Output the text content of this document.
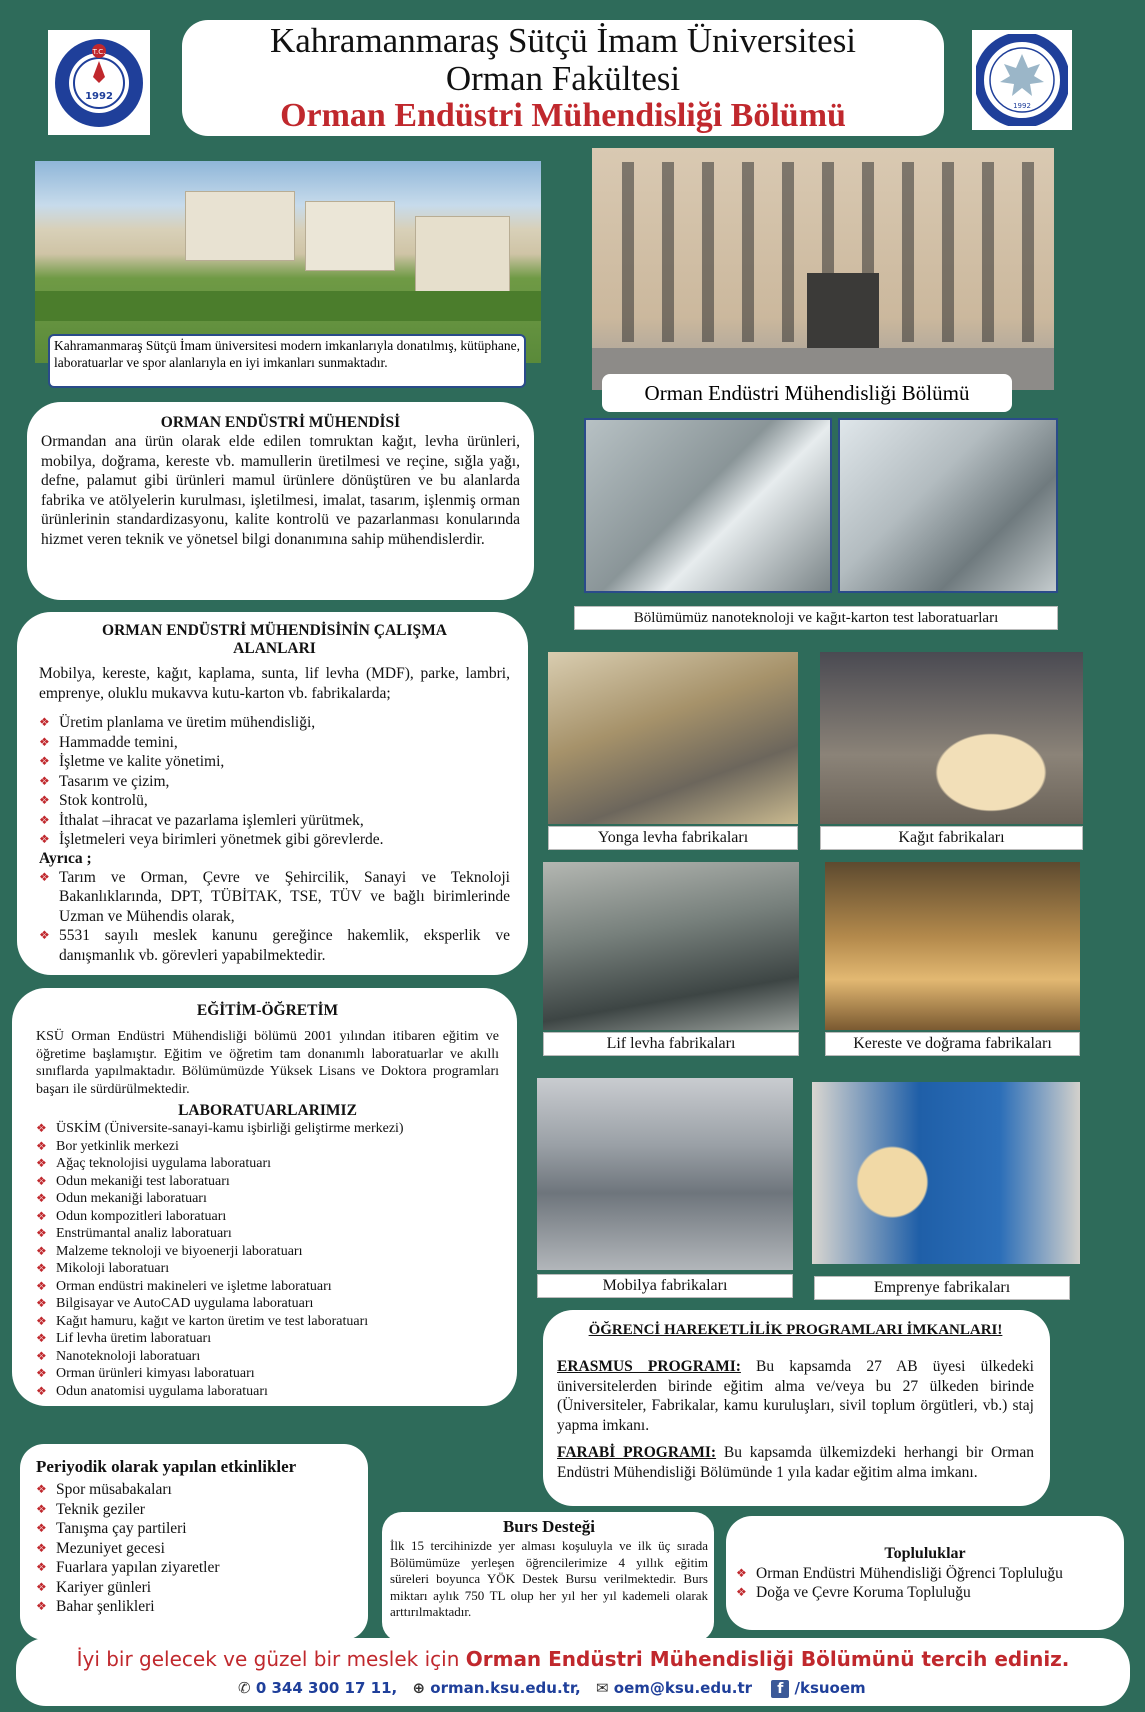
T.C.
1992
Kahramanmaraş Sütçü İmam Üniversitesi
Orman Fakültesi
Orman Endüstri Mühendisliği Bölümü	1992
Kahramanmaraş Sütçü İmam üniversitesi modern imkanlarıyla donatılmış, kütüphane, laboratuarlar ve spor alanlarıyla en iyi imkanları sunmaktadır.
Orman Endüstri Mühendisliği Bölümü
ORMAN ENDÜSTRİ MÜHENDİSİ

Ormandan ana ürün olarak elde edilen tomruktan kağıt, levha ürünleri, mobilya, doğrama, kereste vb. mamullerin üretilmesi ve reçine, sığla yağı, defne, palamut gibi ürünleri mamul ürünlere dönüştüren ve bu alanlarda fabrika ve atölyelerin kurulması, işletilmesi, imalat, tasarım, işlenmiş orman ürünlerinin standardizasyonu, kalite kontrolü ve pazarlanması konularında hizmet veren teknik ve yönetsel bilgi donanımına sahip mühendislerdir.

Bölümümüz nanoteknoloji ve kağıt-karton test laboratuarları
ORMAN ENDÜSTRİ MÜHENDİSİNİN ÇALIŞMA ALANLARI

Mobilya, kereste, kağıt, kaplama, sunta, lif levha (MDF), parke, lambri, emprenye, oluklu mukavva kutu-karton vb. fabrikalarda;

❖ Üretim planlama ve üretim mühendisliği,
❖ Hammadde temini,
❖ İşletme ve kalite yönetimi,
❖ Tasarım ve çizim,
❖ Stok kontrolü,
❖ İthalat –ihracat ve pazarlama işlemleri yürütmek,
❖ İşletmeleri veya birimleri yönetmek gibi görevlerde.
Ayrıca ;
❖ Tarım ve Orman, Çevre ve Şehircilik, Sanayi ve Teknoloji Bakanlıklarında, DPT, TÜBİTAK, TSE, TÜV ve bağlı birimlerinde Uzman ve Mühendis olarak,
❖ 5531 sayılı meslek kanunu gereğince hakemlik, eksperlik ve danışmanlık vb. görevleri yapabilmektedir.
Yonga levha fabrikaları	Kağıt fabrikaları
Lif levha fabrikaları	Kereste ve doğrama fabrikaları
EĞİTİM-ÖĞRETİM

KSÜ Orman Endüstri Mühendisliği bölümü 2001 yılından itibaren eğitim ve öğretime başlamıştır. Eğitim ve öğretim tam donanımlı laboratuarlar ve akıllı sınıflarda yapılmaktadır. Bölümümüzde Yüksek Lisans ve Doktora programları başarı ile sürdürülmektedir.

LABORATUARLARIMIZ
❖ ÜSKİM (Üniversite-sanayi-kamu işbirliği geliştirme merkezi)
❖ Bor yetkinlik merkezi
❖ Ağaç teknolojisi uygulama laboratuarı
❖ Odun mekaniği test laboratuarı
❖ Odun mekaniği laboratuarı
❖ Odun kompozitleri laboratuarı
❖ Enstrümantal analiz laboratuarı
❖ Malzeme teknoloji ve biyoenerji laboratuarı
❖ Mikoloji laboratuarı
❖ Orman endüstri makineleri ve işletme laboratuarı
❖ Bilgisayar ve AutoCAD uygulama laboratuarı
❖ Kağıt hamuru, kağıt ve karton üretim ve test laboratuarı
❖ Lif levha üretim laboratuarı
❖ Nanoteknoloji laboratuarı
❖ Orman ürünleri kimyası laboratuarı
❖ Odun anatomisi uygulama laboratuarı
Mobilya fabrikaları	Emprenye fabrikaları
ÖĞRENCİ HAREKETLİLİK PROGRAMLARI İMKANLARI!

ERASMUS PROGRAMI: Bu kapsamda 27 AB üyesi ülkedeki üniversitelerden birinde eğitim alma ve/veya bu 27 ülkeden birinde (Üniversiteler, Fabrikalar, kamu kuruluşları, sivil toplum örgütleri, vb.) staj yapma imkanı.

FARABİ PROGRAMI: Bu kapsamda ülkemizdeki herhangi bir Orman Endüstri Mühendisliği Bölümünde 1 yıla kadar eğitim alma imkanı.

Periyodik olarak yapılan etkinlikler
❖ Spor müsabakaları
❖ Teknik geziler
❖ Tanışma çay partileri
❖ Mezuniyet gecesi
❖ Fuarlara yapılan ziyaretler
❖ Kariyer günleri
❖ Bahar şenlikleri
Burs Desteği

İlk 15 tercihinizde yer alması koşuluyla ve ilk üç sırada Bölümümüze yerleşen öğrencilerimize 4 yıllık eğitim süreleri boyunca YÖK Destek Bursu verilmektedir. Burs miktarı aylık 750 TL olup her yıl her yıl kademeli olarak arttırılmaktadır.

Topluluklar
❖ Orman Endüstri Mühendisliği Öğrenci Topluluğu
❖ Doğa ve Çevre Koruma Topluluğu
İyi bir gelecek ve güzel bir meslek için Orman Endüstri Mühendisliği Bölümünü tercih ediniz.
✆ 0 344 300 17 11, ⊕ orman.ksu.edu.tr, ✉ oem@ksu.edu.tr f /ksuoem
